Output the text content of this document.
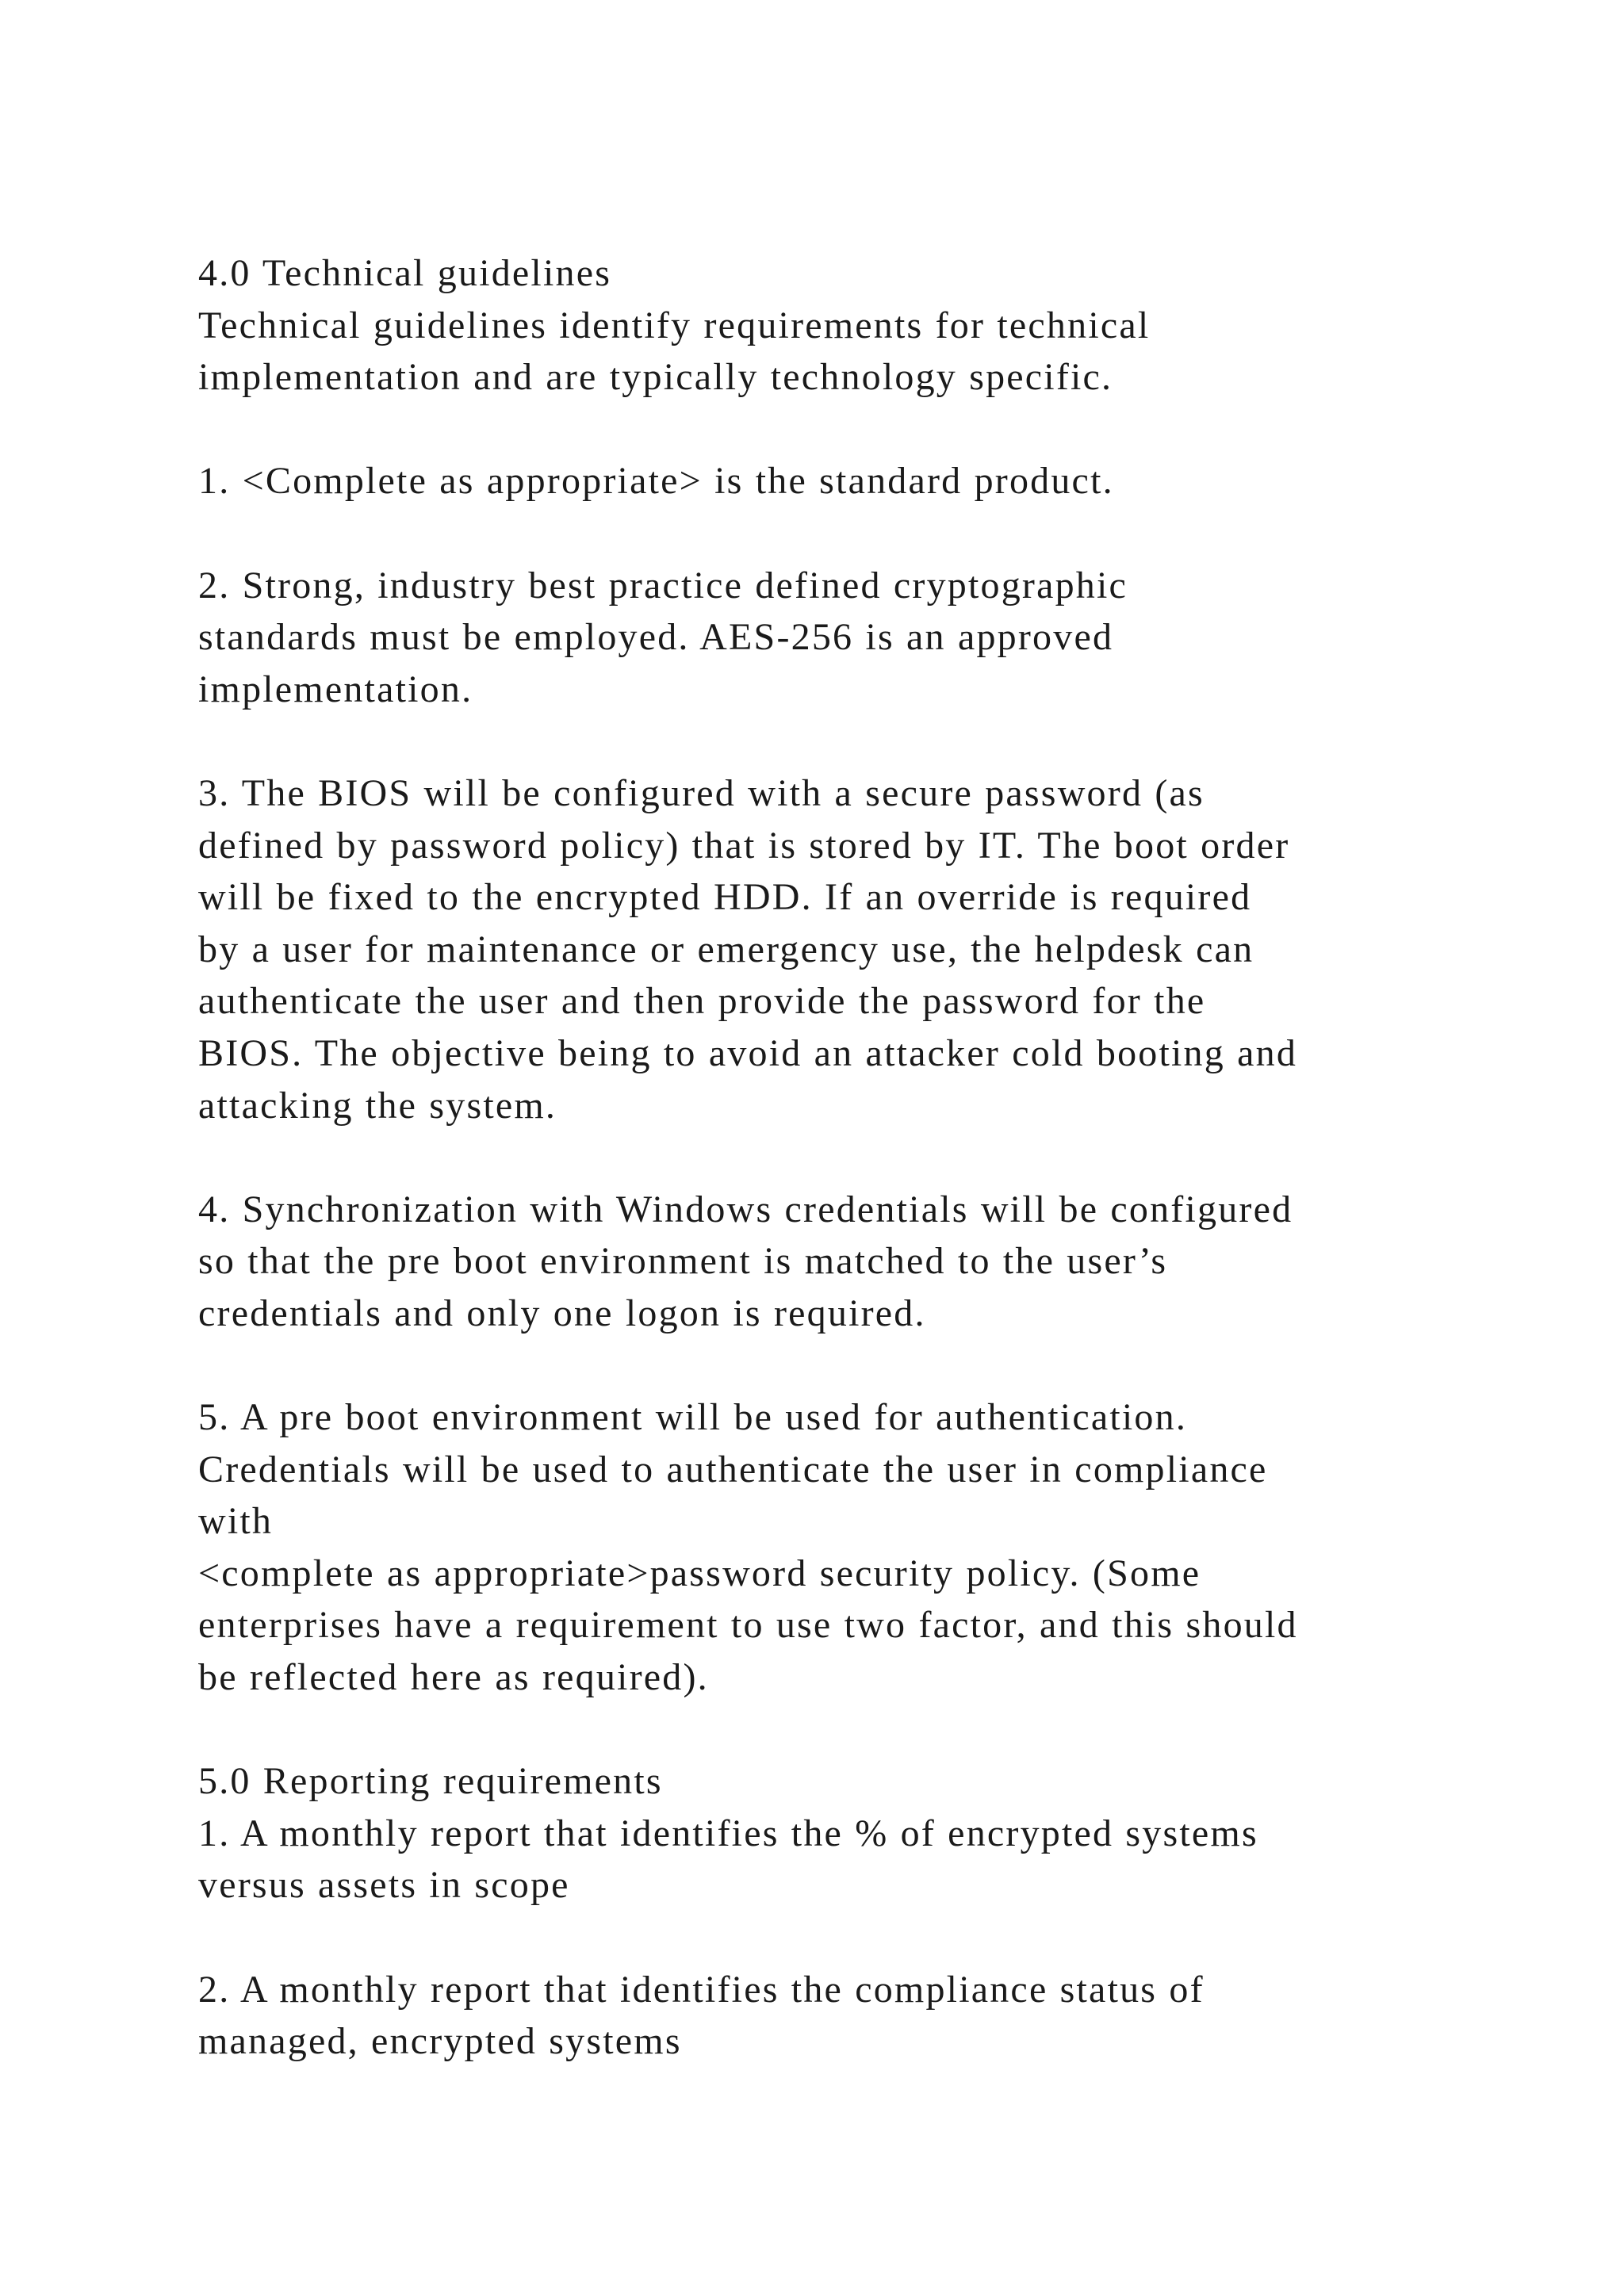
4.0 Technical guidelines
Technical guidelines identify requirements for technical
implementation and are typically technology specific.
1. <Complete as appropriate> is the standard product.
2. Strong, industry best practice defined cryptographic
standards must be employed. AES-256 is an approved
implementation.
3. The BIOS will be configured with a secure password (as
defined by password policy) that is stored by IT. The boot order
will be fixed to the encrypted HDD. If an override is required
by a user for maintenance or emergency use, the helpdesk can
authenticate the user and then provide the password for the
BIOS. The objective being to avoid an attacker cold booting and
attacking the system.
4. Synchronization with Windows credentials will be configured
so that the pre boot environment is matched to the user’s
credentials and only one logon is required.
5. A pre boot environment will be used for authentication.
Credentials will be used to authenticate the user in compliance
with
<complete as appropriate>password security policy. (Some
enterprises have a requirement to use two factor, and this should
be reflected here as required).
5.0 Reporting requirements
1. A monthly report that identifies the % of encrypted systems
versus assets in scope
2. A monthly report that identifies the compliance status of
managed, encrypted systems
